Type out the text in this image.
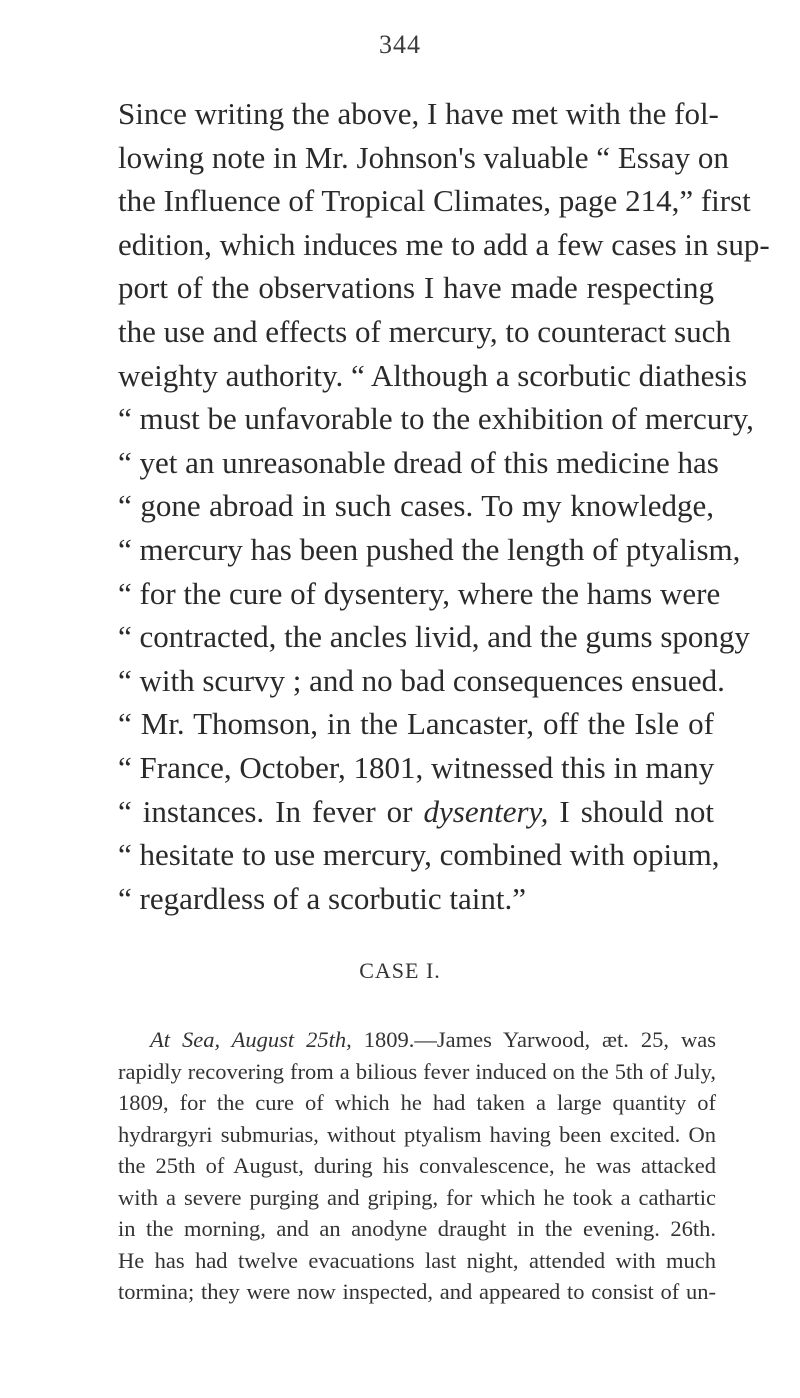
344
Since writing the above, I have met with the fol-
lowing note in Mr. Johnson's valuable “ Essay on
the Influence of Tropical Climates, page 214,” first
edition, which induces me to add a few cases in sup-
port of the observations I have made respecting
the use and effects of mercury, to counteract such
weighty authority. “ Although a scorbutic diathesis
“ must be unfavorable to the exhibition of mercury,
“ yet an unreasonable dread of this medicine has
“ gone abroad in such cases. To my knowledge,
“ mercury has been pushed the length of ptyalism,
“ for the cure of dysentery, where the hams were
“ contracted, the ancles livid, and the gums spongy
“ with scurvy ; and no bad consequences ensued.
“ Mr. Thomson, in the Lancaster, off the Isle of
“ France, October, 1801, witnessed this in many
“ instances. In fever or dysentery, I should not
“ hesitate to use mercury, combined with opium,
“ regardless of a scorbutic taint.”
CASE I.
At Sea, August 25th, 1809.—James Yarwood, æt. 25, was
rapidly recovering from a bilious fever induced on the 5th of July,
1809, for the cure of which he had taken a large quantity of
hydrargyri submurias, without ptyalism having been excited. On
the 25th of August, during his convalescence, he was attacked
with a severe purging and griping, for which he took a cathartic
in the morning, and an anodyne draught in the evening. 26th.
He has had twelve evacuations last night, attended with much
tormina; they were now inspected, and appeared to consist of un-
